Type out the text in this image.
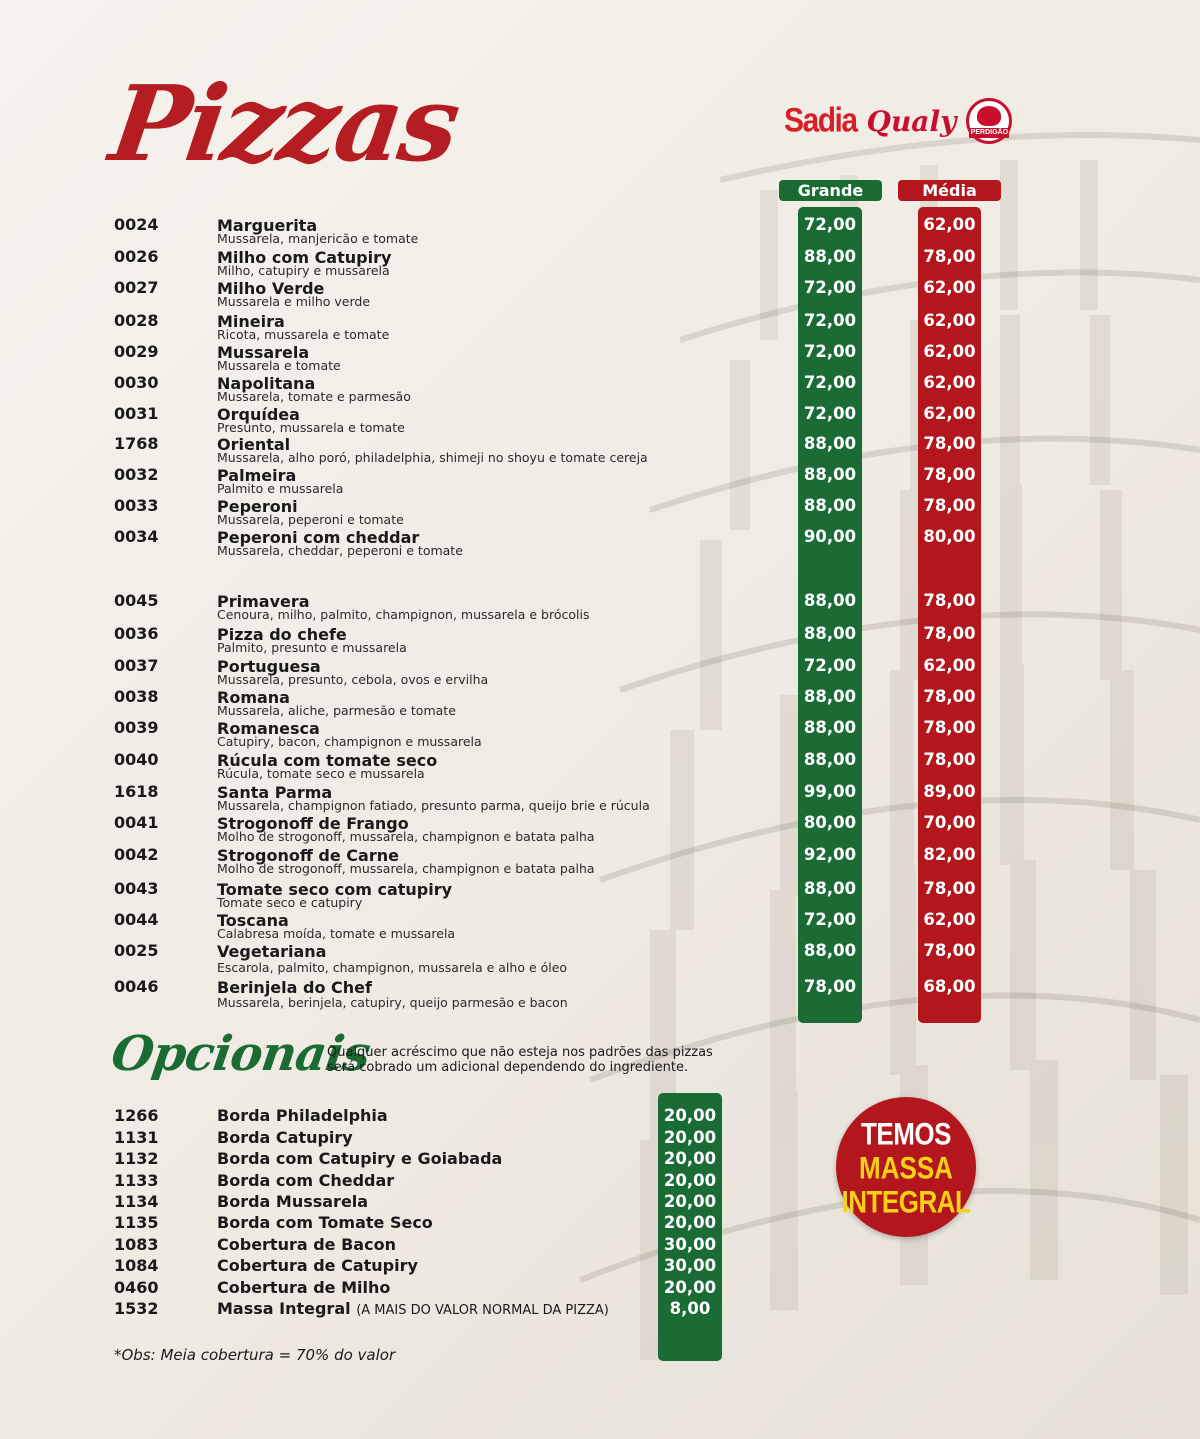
Pizzas	Sadia Qualy PERDIGÃO
Grande	Média
0024	Marguerita
Mussarela, manjericão e tomate
72,00	62,00
0026	Milho com Catupiry
Milho, catupiry e mussarela
88,00	78,00
0027	Milho Verde
Mussarela e milho verde
72,00	62,00
0028	Mineira
Ricota, mussarela e tomate
72,00	62,00
0029	Mussarela
Mussarela e tomate
72,00	62,00
0030	Napolitana
Mussarela, tomate e parmesão
72,00	62,00
0031	Orquídea
Presunto, mussarela e tomate
72,00	62,00
1768	Oriental
Mussarela, alho poró, philadelphia, shimeji no shoyu e tomate cereja
88,00	78,00
0032	Palmeira
Palmito e mussarela
88,00	78,00
0033	Peperoni
Mussarela, peperoni e tomate
88,00	78,00
0034	Peperoni com cheddar
Mussarela, cheddar, peperoni e tomate
90,00	80,00
0045	Primavera
Cenoura, milho, palmito, champignon, mussarela e brócolis
88,00	78,00
0036	Pizza do chefe
Palmito, presunto e mussarela
88,00	78,00
0037	Portuguesa
Mussarela, presunto, cebola, ovos e ervilha
72,00	62,00
0038	Romana
Mussarela, aliche, parmesão e tomate
88,00	78,00
0039	Romanesca
Catupiry, bacon, champignon e mussarela
88,00	78,00
0040	Rúcula com tomate seco
Rúcula, tomate seco e mussarela
88,00	78,00
1618	Santa Parma
Mussarela, champignon fatiado, presunto parma, queijo brie e rúcula
99,00	89,00
0041	Strogonoff de Frango
Molho de strogonoff, mussarela, champignon e batata palha
80,00	70,00
0042	Strogonoff de Carne
Molho de strogonoff, mussarela, champignon e batata palha
92,00	82,00
0043	Tomate seco com catupiry
Tomate seco e catupiry
88,00	78,00
0044	Toscana
Calabresa moída, tomate e mussarela
72,00	62,00
0025	Vegetariana
Escarola, palmito, champignon, mussarela e alho e óleo
88,00	78,00
0046	Berinjela do Chef
Mussarela, berinjela, catupiry, queijo parmesão e bacon
78,00	68,00
Opcionais
Qualquer acréscimo que não esteja nos padrões das pizzas
será cobrado um adicional dependendo do ingrediente.
1266	Borda Philadelphia	20,00
1131	Borda Catupiry	20,00
1132	Borda com Catupiry e Goiabada	20,00
1133	Borda com Cheddar	20,00
1134	Borda Mussarela	20,00
1135	Borda com Tomate Seco	20,00
1083	Cobertura de Bacon	30,00
1084	Cobertura de Catupiry	30,00
0460	Cobertura de Milho	20,00
1532	Massa Integral (A MAIS DO VALOR NORMAL DA PIZZA)	8,00
*Obs: Meia cobertura = 70% do valor
TEMOS
MASSA
INTEGRAL
